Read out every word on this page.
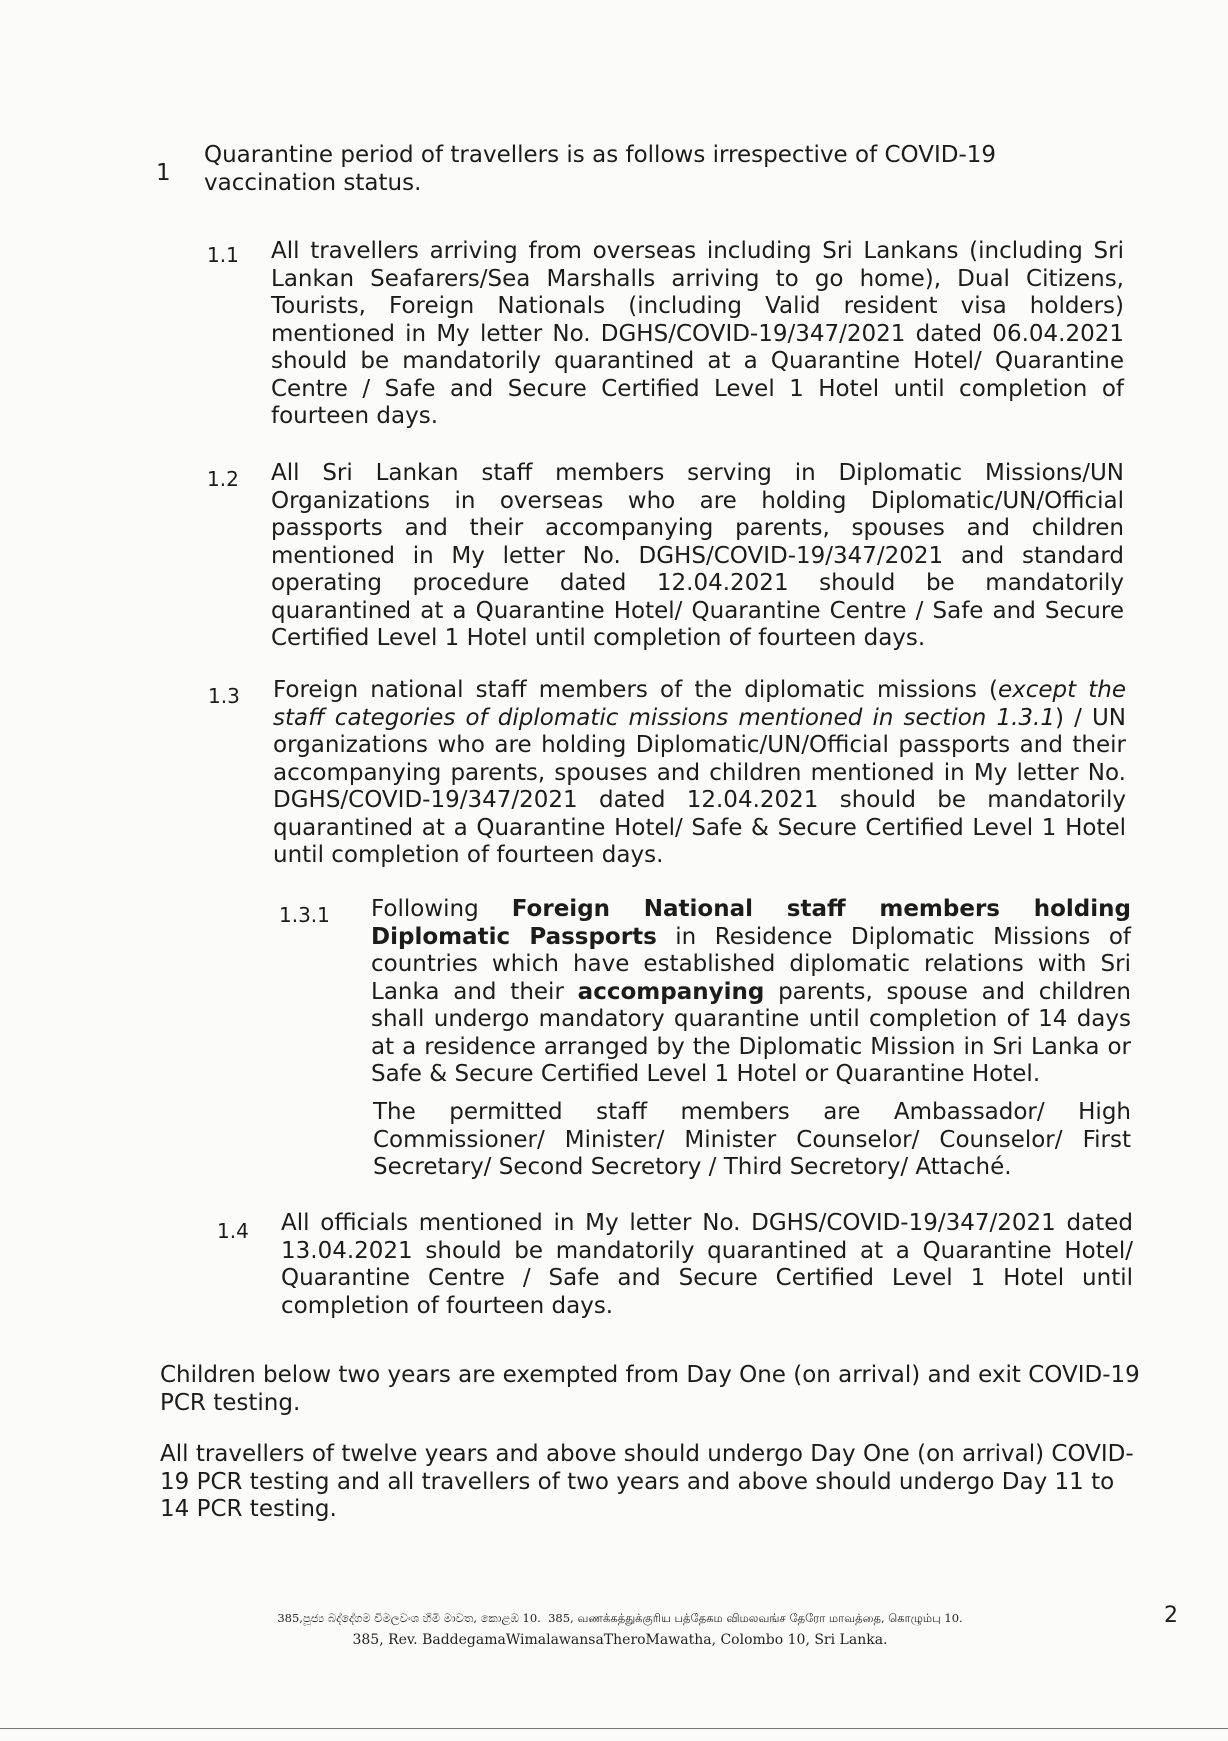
1
Quarantine period of travellers is as follows irrespective of COVID-19 vaccination status.
1.1 All travellers arriving from overseas including Sri Lankans (including Sri Lankan Seafarers/Sea Marshalls arriving to go home), Dual Citizens, Tourists, Foreign Nationals (including Valid resident visa holders) mentioned in My letter No. DGHS/COVID-19/347/2021 dated 06.04.2021 should be mandatorily quarantined at a Quarantine Hotel/ Quarantine Centre / Safe and Secure Certified Level 1 Hotel until completion of fourteen days.
1.2 All Sri Lankan staff members serving in Diplomatic Missions/UN Organizations in overseas who are holding Diplomatic/UN/Official passports and their accompanying parents, spouses and children mentioned in My letter No. DGHS/COVID-19/347/2021 and standard operating procedure dated 12.04.2021 should be mandatorily quarantined at a Quarantine Hotel/ Quarantine Centre / Safe and Secure Certified Level 1 Hotel until completion of fourteen days.
1.3 Foreign national staff members of the diplomatic missions (except the staff categories of diplomatic missions mentioned in section 1.3.1) / UN organizations who are holding Diplomatic/UN/Official passports and their accompanying parents, spouses and children mentioned in My letter No. DGHS/COVID-19/347/2021 dated 12.04.2021 should be mandatorily quarantined at a Quarantine Hotel/ Safe & Secure Certified Level 1 Hotel until completion of fourteen days.
1.3.1 Following Foreign National staff members holding Diplomatic Passports in Residence Diplomatic Missions of countries which have established diplomatic relations with Sri Lanka and their accompanying parents, spouse and children shall undergo mandatory quarantine until completion of 14 days at a residence arranged by the Diplomatic Mission in Sri Lanka or Safe & Secure Certified Level 1 Hotel or Quarantine Hotel.
The permitted staff members are Ambassador/ High Commissioner/ Minister/ Minister Counselor/ Counselor/ First Secretary/ Second Secretory / Third Secretory/ Attaché.
1.4 All officials mentioned in My letter No. DGHS/COVID-19/347/2021 dated 13.04.2021 should be mandatorily quarantined at a Quarantine Hotel/ Quarantine Centre / Safe and Secure Certified Level 1 Hotel until completion of fourteen days.
Children below two years are exempted from Day One (on arrival) and exit COVID-19 PCR testing.
All travellers of twelve years and above should undergo Day One (on arrival) COVID-19 PCR testing and all travellers of two years and above should undergo Day 11 to 14 PCR testing.
385,පූජ්‍ය බද්දේගම විමලවංශ හිමි මාවත, කොළඹ 10. 385, வணக்கத்துக்குரிய பத்தேகம விமலவங்ச தேரோ மாவத்தை, கொழும்பு 10.
385, Rev. BaddegamaWimalawansaTheroMawatha, Colombo 10, Sri Lanka.
2
